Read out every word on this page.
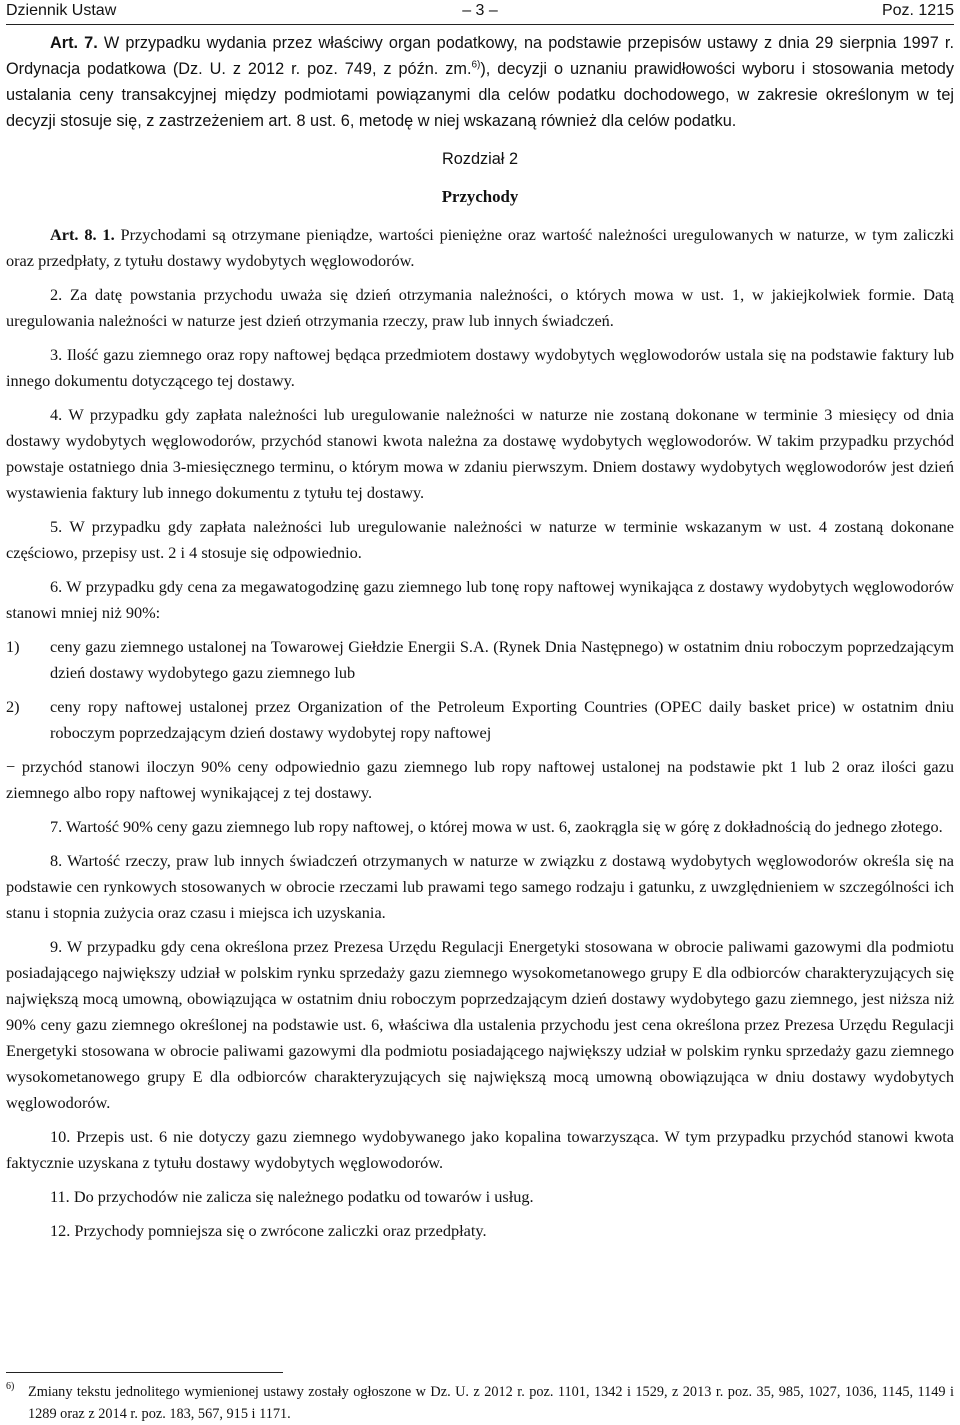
Dziennik Ustaw	– 3 –	Poz. 1215

Art. 7. W przypadku wydania przez właściwy organ podatkowy, na podstawie przepisów ustawy z dnia 29 sierpnia 1997 r. Ordynacja podatkowa (Dz. U. z 2012 r. poz. 749, z późn. zm.$^{6)}$), decyzji o uznaniu prawidłowości wyboru i stosowania metody ustalania ceny transakcyjnej między podmiotami powiązanymi dla celów podatku dochodowego, w zakresie określonym w tej decyzji stosuje się, z zastrzeżeniem art. 8 ust. 6, metodę w niej wskazaną również dla celów podatku.

Rozdział 2

Przychody

Art. 8. 1. Przychodami są otrzymane pieniądze, wartości pieniężne oraz wartość należności uregulowanych w naturze, w tym zaliczki oraz przedpłaty, z tytułu dostawy wydobytych węglowodorów.

2. Za datę powstania przychodu uważa się dzień otrzymania należności, o których mowa w ust. 1, w jakiejkolwiek formie. Datą uregulowania należności w naturze jest dzień otrzymania rzeczy, praw lub innych świadczeń.

3. Ilość gazu ziemnego oraz ropy naftowej będąca przedmiotem dostawy wydobytych węglowodorów ustala się na podstawie faktury lub innego dokumentu dotyczącego tej dostawy.

4. W przypadku gdy zapłata należności lub uregulowanie należności w naturze nie zostaną dokonane w terminie 3 miesięcy od dnia dostawy wydobytych węglowodorów, przychód stanowi kwota należna za dostawę wydobytych węglowodorów. W takim przypadku przychód powstaje ostatniego dnia 3-miesięcznego terminu, o którym mowa w zdaniu pierwszym. Dniem dostawy wydobytych węglowodorów jest dzień wystawienia faktury lub innego dokumentu z tytułu tej dostawy.

5. W przypadku gdy zapłata należności lub uregulowanie należności w naturze w terminie wskazanym w ust. 4 zostaną dokonane częściowo, przepisy ust. 2 i 4 stosuje się odpowiednio.

6. W przypadku gdy cena za megawatogodzinę gazu ziemnego lub tonę ropy naftowej wynikająca z dostawy wydobytych węglowodorów stanowi mniej niż 90%:

1) ceny gazu ziemnego ustalonej na Towarowej Giełdzie Energii S.A. (Rynek Dnia Następnego) w ostatnim dniu roboczym poprzedzającym dzień dostawy wydobytego gazu ziemnego lub
2) ceny ropy naftowej ustalonej przez Organization of the Petroleum Exporting Countries (OPEC daily basket price) w ostatnim dniu roboczym poprzedzającym dzień dostawy wydobytej ropy naftowej

− przychód stanowi iloczyn 90% ceny odpowiednio gazu ziemnego lub ropy naftowej ustalonej na podstawie pkt 1 lub 2 oraz ilości gazu ziemnego albo ropy naftowej wynikającej z tej dostawy.

7. Wartość 90% ceny gazu ziemnego lub ropy naftowej, o której mowa w ust. 6, zaokrągla się w górę z dokładnością do jednego złotego.

8. Wartość rzeczy, praw lub innych świadczeń otrzymanych w naturze w związku z dostawą wydobytych węglowodorów określa się na podstawie cen rynkowych stosowanych w obrocie rzeczami lub prawami tego samego rodzaju i gatunku, z uwzględnieniem w szczególności ich stanu i stopnia zużycia oraz czasu i miejsca ich uzyskania.

9. W przypadku gdy cena określona przez Prezesa Urzędu Regulacji Energetyki stosowana w obrocie paliwami gazowymi dla podmiotu posiadającego największy udział w polskim rynku sprzedaży gazu ziemnego wysokometanowego grupy E dla odbiorców charakteryzujących się największą mocą umowną, obowiązująca w ostatnim dniu roboczym poprzedzającym dzień dostawy wydobytego gazu ziemnego, jest niższa niż 90% ceny gazu ziemnego określonej na podstawie ust. 6, właściwa dla ustalenia przychodu jest cena określona przez Prezesa Urzędu Regulacji Energetyki stosowana w obrocie paliwami gazowymi dla podmiotu posiadającego największy udział w polskim rynku sprzedaży gazu ziemnego wysokometanowego grupy E dla odbiorców charakteryzujących się największą mocą umowną obowiązująca w dniu dostawy wydobytych węglowodorów.

10. Przepis ust. 6 nie dotyczy gazu ziemnego wydobywanego jako kopalina towarzysząca. W tym przypadku przychód stanowi kwota faktycznie uzyskana z tytułu dostawy wydobytych węglowodorów.

11. Do przychodów nie zalicza się należnego podatku od towarów i usług.

12. Przychody pomniejsza się o zwrócone zaliczki oraz przedpłaty.

6) Zmiany tekstu jednolitego wymienionej ustawy zostały ogłoszone w Dz. U. z 2012 r. poz. 1101, 1342 i 1529, z 2013 r. poz. 35, 985, 1027, 1036, 1145, 1149 i 1289 oraz z 2014 r. poz. 183, 567, 915 i 1171.
